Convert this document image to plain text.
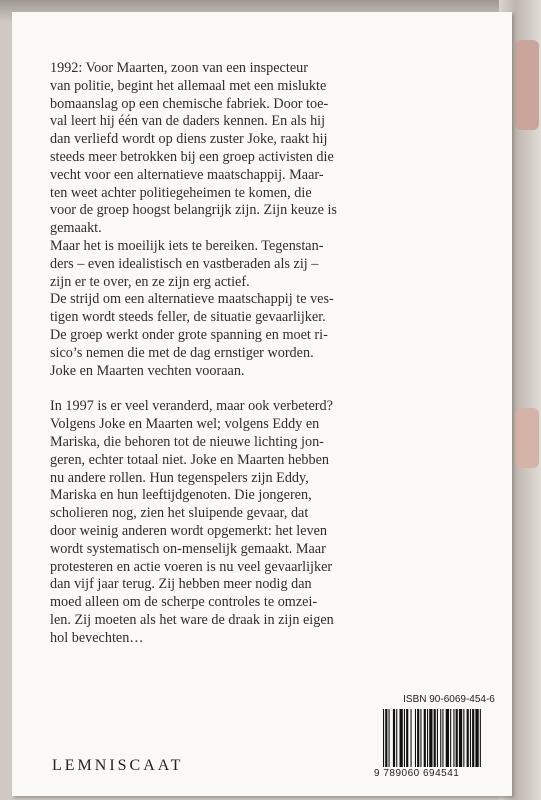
1992: Voor Maarten, zoon van een inspecteur

van politie, begint het allemaal met een mislukte

bomaanslag op een chemische fabriek. Door toe-

val leert hij één van de daders kennen. En als hij

dan verliefd wordt op diens zuster Joke, raakt hij

steeds meer betrokken bij een groep activisten die

vecht voor een alternatieve maatschappij. Maar-

ten weet achter politiegeheimen te komen, die

voor de groep hoogst belangrijk zijn. Zijn keuze is

gemaakt.

Maar het is moeilijk iets te bereiken. Tegenstan-

ders – even idealistisch en vastberaden als zij –

zijn er te over, en ze zijn erg actief.

De strijd om een alternatieve maatschappij te ves-

tigen wordt steeds feller, de situatie gevaarlijker.

De groep werkt onder grote spanning en moet ri-

sico’s nemen die met de dag ernstiger worden.

Joke en Maarten vechten vooraan.

In 1997 is er veel veranderd, maar ook verbeterd?

Volgens Joke en Maarten wel; volgens Eddy en

Mariska, die behoren tot de nieuwe lichting jon-

geren, echter totaal niet. Joke en Maarten hebben

nu andere rollen. Hun tegenspelers zijn Eddy,

Mariska en hun leeftijdgenoten. Die jongeren,

scholieren nog, zien het sluipende gevaar, dat

door weinig anderen wordt opgemerkt: het leven

wordt systematisch on-menselijk gemaakt. Maar

protesteren en actie voeren is nu veel gevaarlijker

dan vijf jaar terug. Zij hebben meer nodig dan

moed alleen om de scherpe controles te omzei-

len. Zij moeten als het ware de draak in zijn eigen

hol bevechten…

ISBN 90-6069-454-6
9 789060 694541
LEMNISCAAT
